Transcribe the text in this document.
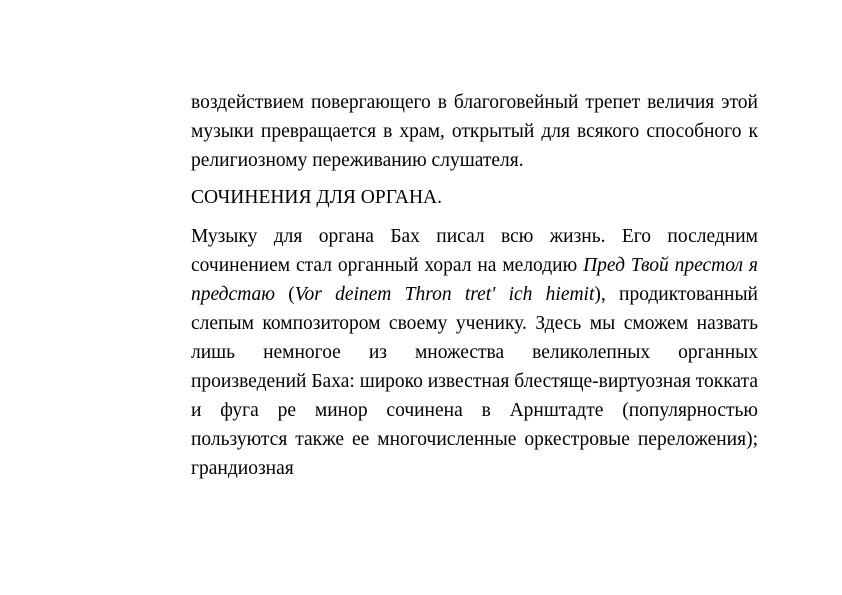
воздействием повергающего в благоговейный трепет величия этой музыки превращается в храм, открытый для всякого способного к религиозному переживанию слушателя.

СОЧИНЕНИЯ ДЛЯ ОРГАНА.

Музыку для органа Бах писал всю жизнь. Его последним сочинением стал органный хорал на мелодию Пред Твой престол я предстаю (Vor deinem Thron tret' ich hiemit), продиктованный слепым композитором своему ученику. Здесь мы сможем назвать лишь немногое из множества великолепных органных произведений Баха: широко известная блестяще-виртуозная токката и фуга ре минор сочинена в Арнштадте (популярностью пользуются также ее многочисленные оркестровые переложения); грандиозная
